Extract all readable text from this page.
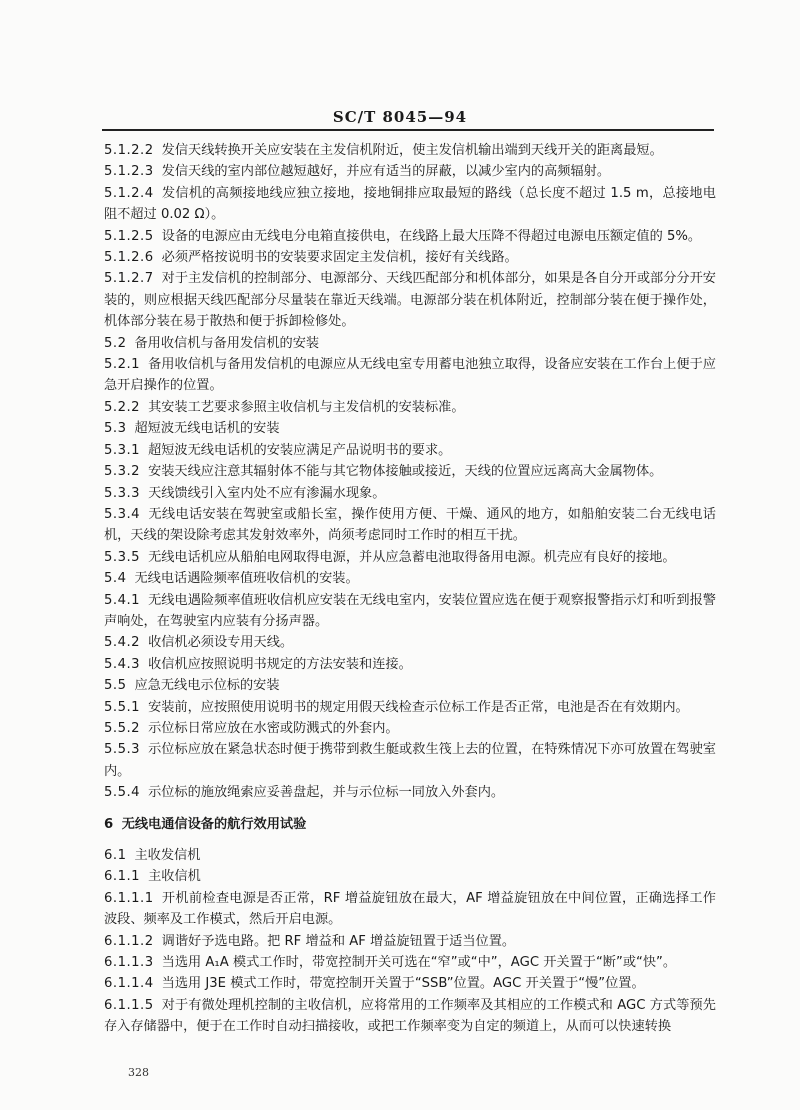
SC/T 8045—94

5.1.2.2 发信天线转换开关应安装在主发信机附近，使主发信机输出端到天线开关的距离最短。

5.1.2.3 发信天线的室内部位越短越好，并应有适当的屏蔽，以减少室内的高频辐射。

5.1.2.4 发信机的高频接地线应独立接地，接地铜排应取最短的路线（总长度不超过 1.5 m，总接地电阻不超过 0.02 Ω）。

5.1.2.5 设备的电源应由无线电分电箱直接供电，在线路上最大压降不得超过电源电压额定值的 5%。

5.1.2.6 必须严格按说明书的安装要求固定主发信机，接好有关线路。

5.1.2.7 对于主发信机的控制部分、电源部分、天线匹配部分和机体部分，如果是各自分开或部分分开安装的，则应根据天线匹配部分尽量装在靠近天线端。电源部分装在机体附近，控制部分装在便于操作处，机体部分装在易于散热和便于拆卸检修处。

5.2 备用收信机与备用发信机的安装

5.2.1 备用收信机与备用发信机的电源应从无线电室专用蓄电池独立取得，设备应安装在工作台上便于应急开启操作的位置。

5.2.2 其安装工艺要求参照主收信机与主发信机的安装标准。

5.3 超短波无线电话机的安装

5.3.1 超短波无线电话机的安装应满足产品说明书的要求。

5.3.2 安装天线应注意其辐射体不能与其它物体接触或接近，天线的位置应远离高大金属物体。

5.3.3 天线馈线引入室内处不应有渗漏水现象。

5.3.4 无线电话安装在驾驶室或船长室，操作使用方便、干燥、通风的地方，如船舶安装二台无线电话机，天线的架设除考虑其发射效率外，尚须考虑同时工作时的相互干扰。

5.3.5 无线电话机应从船舶电网取得电源，并从应急蓄电池取得备用电源。机壳应有良好的接地。

5.4 无线电话遇险频率值班收信机的安装。

5.4.1 无线电遇险频率值班收信机应安装在无线电室内，安装位置应选在便于观察报警指示灯和听到报警声响处，在驾驶室内应装有分扬声器。

5.4.2 收信机必须设专用天线。

5.4.3 收信机应按照说明书规定的方法安装和连接。

5.5 应急无线电示位标的安装

5.5.1 安装前，应按照使用说明书的规定用假天线检查示位标工作是否正常，电池是否在有效期内。

5.5.2 示位标日常应放在水密或防溅式的外套内。

5.5.3 示位标应放在紧急状态时便于携带到救生艇或救生筏上去的位置，在特殊情况下亦可放置在驾驶室内。

5.5.4 示位标的施放绳索应妥善盘起，并与示位标一同放入外套内。

6 无线电通信设备的航行效用试验

6.1 主收发信机

6.1.1 主收信机

6.1.1.1 开机前检查电源是否正常，RF 增益旋钮放在最大，AF 增益旋钮放在中间位置，正确选择工作波段、频率及工作模式，然后开启电源。

6.1.1.2 调谐好予选电路。把 RF 增益和 AF 增益旋钮置于适当位置。

6.1.1.3 当选用 A₁A 模式工作时，带宽控制开关可选在“窄”或“中”，AGC 开关置于“断”或“快”。

6.1.1.4 当选用 J3E 模式工作时，带宽控制开关置于“SSB”位置。AGC 开关置于“慢”位置。

6.1.1.5 对于有微处理机控制的主收信机，应将常用的工作频率及其相应的工作模式和 AGC 方式等预先存入存储器中，便于在工作时自动扫描接收，或把工作频率变为自定的频道上，从而可以快速转换

328
